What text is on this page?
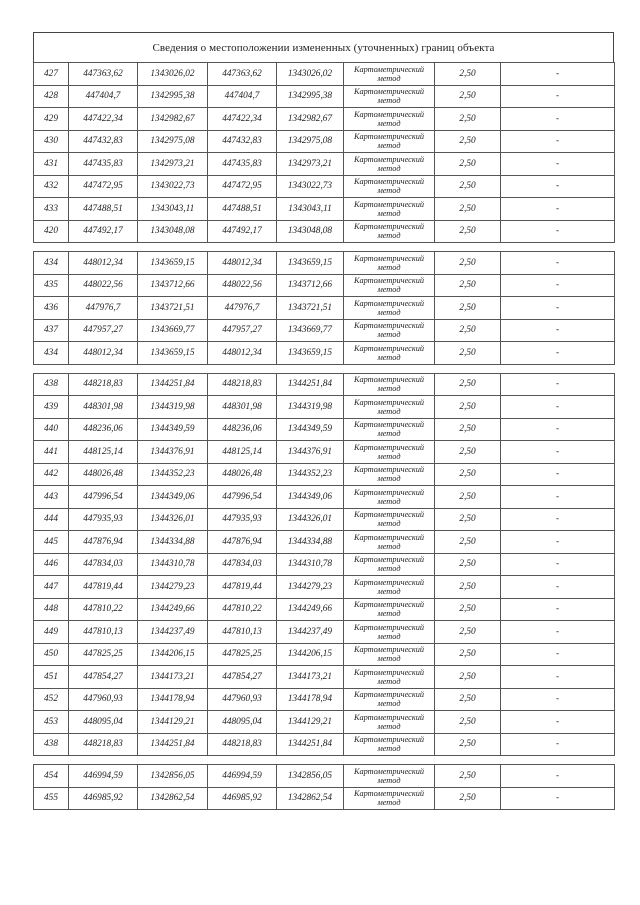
Сведения о местоположении измененных (уточненных) границ объекта
427	447363,62	1343026,02	447363,62	1343026,02	Картометрический метод	2,50	-
428	447404,7	1342995,38	447404,7	1342995,38	Картометрический метод	2,50	-
429	447422,34	1342982,67	447422,34	1342982,67	Картометрический метод	2,50	-
430	447432,83	1342975,08	447432,83	1342975,08	Картометрический метод	2,50	-
431	447435,83	1342973,21	447435,83	1342973,21	Картометрический метод	2,50	-
432	447472,95	1343022,73	447472,95	1343022,73	Картометрический метод	2,50	-
433	447488,51	1343043,11	447488,51	1343043,11	Картометрический метод	2,50	-
420	447492,17	1343048,08	447492,17	1343048,08	Картометрический метод	2,50	-

434	448012,34	1343659,15	448012,34	1343659,15	Картометрический метод	2,50	-
435	448022,56	1343712,66	448022,56	1343712,66	Картометрический метод	2,50	-
436	447976,7	1343721,51	447976,7	1343721,51	Картометрический метод	2,50	-
437	447957,27	1343669,77	447957,27	1343669,77	Картометрический метод	2,50	-
434	448012,34	1343659,15	448012,34	1343659,15	Картометрический метод	2,50	-

438	448218,83	1344251,84	448218,83	1344251,84	Картометрический метод	2,50	-
439	448301,98	1344319,98	448301,98	1344319,98	Картометрический метод	2,50	-
440	448236,06	1344349,59	448236,06	1344349,59	Картометрический метод	2,50	-
441	448125,14	1344376,91	448125,14	1344376,91	Картометрический метод	2,50	-
442	448026,48	1344352,23	448026,48	1344352,23	Картометрический метод	2,50	-
443	447996,54	1344349,06	447996,54	1344349,06	Картометрический метод	2,50	-
444	447935,93	1344326,01	447935,93	1344326,01	Картометрический метод	2,50	-
445	447876,94	1344334,88	447876,94	1344334,88	Картометрический метод	2,50	-
446	447834,03	1344310,78	447834,03	1344310,78	Картометрический метод	2,50	-
447	447819,44	1344279,23	447819,44	1344279,23	Картометрический метод	2,50	-
448	447810,22	1344249,66	447810,22	1344249,66	Картометрический метод	2,50	-
449	447810,13	1344237,49	447810,13	1344237,49	Картометрический метод	2,50	-
450	447825,25	1344206,15	447825,25	1344206,15	Картометрический метод	2,50	-
451	447854,27	1344173,21	447854,27	1344173,21	Картометрический метод	2,50	-
452	447960,93	1344178,94	447960,93	1344178,94	Картометрический метод	2,50	-
453	448095,04	1344129,21	448095,04	1344129,21	Картометрический метод	2,50	-
438	448218,83	1344251,84	448218,83	1344251,84	Картометрический метод	2,50	-

454	446994,59	1342856,05	446994,59	1342856,05	Картометрический метод	2,50	-
455	446985,92	1342862,54	446985,92	1342862,54	Картометрический метод	2,50	-
